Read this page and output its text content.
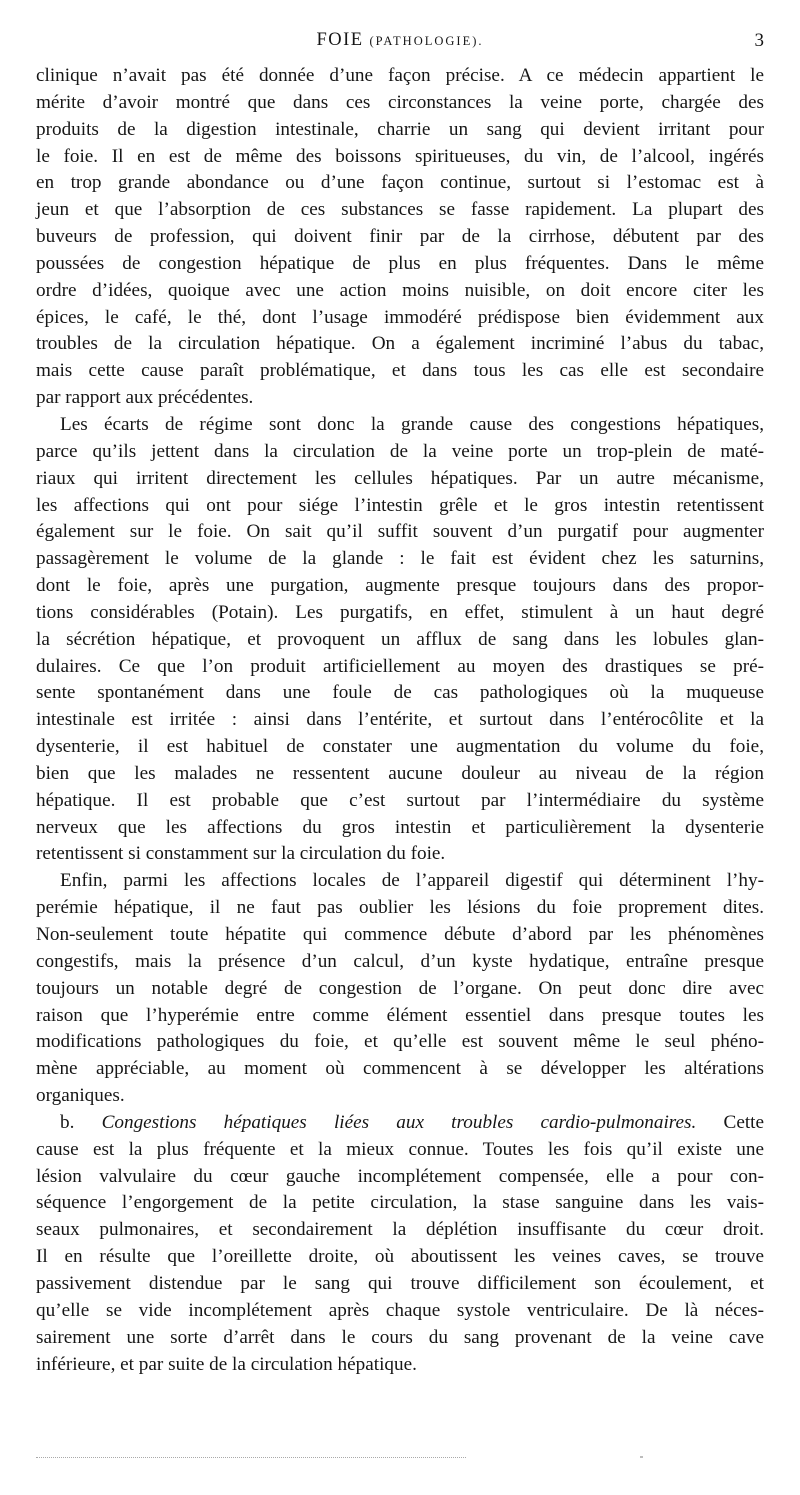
FOIE (PATHOLOGIE).	3
clinique n’avait pas été donnée d’une façon précise. A ce médecin appartient le
mérite d’avoir montré que dans ces circonstances la veine porte, chargée des
produits de la digestion intestinale, charrie un sang qui devient irritant pour
le foie. Il en est de même des boissons spiritueuses, du vin, de l’alcool, ingérés
en trop grande abondance ou d’une façon continue, surtout si l’estomac est à
jeun et que l’absorption de ces substances se fasse rapidement. La plupart des
buveurs de profession, qui doivent finir par de la cirrhose, débutent par des
poussées de congestion hépatique de plus en plus fréquentes. Dans le même
ordre d’idées, quoique avec une action moins nuisible, on doit encore citer les
épices, le café, le thé, dont l’usage immodéré prédispose bien évidemment aux
troubles de la circulation hépatique. On a également incriminé l’abus du tabac,
mais cette cause paraît problématique, et dans tous les cas elle est secondaire
par rapport aux précédentes.
Les écarts de régime sont donc la grande cause des congestions hépatiques,
parce qu’ils jettent dans la circulation de la veine porte un trop-plein de maté-
riaux qui irritent directement les cellules hépatiques. Par un autre mécanisme,
les affections qui ont pour siége l’intestin grêle et le gros intestin retentissent
également sur le foie. On sait qu’il suffit souvent d’un purgatif pour augmenter
passagèrement le volume de la glande : le fait est évident chez les saturnins,
dont le foie, après une purgation, augmente presque toujours dans des propor-
tions considérables (Potain). Les purgatifs, en effet, stimulent à un haut degré
la sécrétion hépatique, et provoquent un afflux de sang dans les lobules glan-
dulaires. Ce que l’on produit artificiellement au moyen des drastiques se pré-
sente spontanément dans une foule de cas pathologiques où la muqueuse
intestinale est irritée : ainsi dans l’entérite, et surtout dans l’entérocôlite et la
dysenterie, il est habituel de constater une augmentation du volume du foie,
bien que les malades ne ressentent aucune douleur au niveau de la région
hépatique. Il est probable que c’est surtout par l’intermédiaire du système
nerveux que les affections du gros intestin et particulièrement la dysenterie
retentissent si constamment sur la circulation du foie.
Enfin, parmi les affections locales de l’appareil digestif qui déterminent l’hy-
perémie hépatique, il ne faut pas oublier les lésions du foie proprement dites.
Non-seulement toute hépatite qui commence débute d’abord par les phénomènes
congestifs, mais la présence d’un calcul, d’un kyste hydatique, entraîne presque
toujours un notable degré de congestion de l’organe. On peut donc dire avec
raison que l’hyperémie entre comme élément essentiel dans presque toutes les
modifications pathologiques du foie, et qu’elle est souvent même le seul phéno-
mène appréciable, au moment où commencent à se développer les altérations
organiques.
b. Congestions hépatiques liées aux troubles cardio-pulmonaires. Cette
cause est la plus fréquente et la mieux connue. Toutes les fois qu’il existe une
lésion valvulaire du cœur gauche incomplétement compensée, elle a pour con-
séquence l’engorgement de la petite circulation, la stase sanguine dans les vais-
seaux pulmonaires, et secondairement la déplétion insuffisante du cœur droit.
Il en résulte que l’oreillette droite, où aboutissent les veines caves, se trouve
passivement distendue par le sang qui trouve difficilement son écoulement, et
qu’elle se vide incomplétement après chaque systole ventriculaire. De là néces-
sairement une sorte d’arrêt dans le cours du sang provenant de la veine cave
inférieure, et par suite de la circulation hépatique.
